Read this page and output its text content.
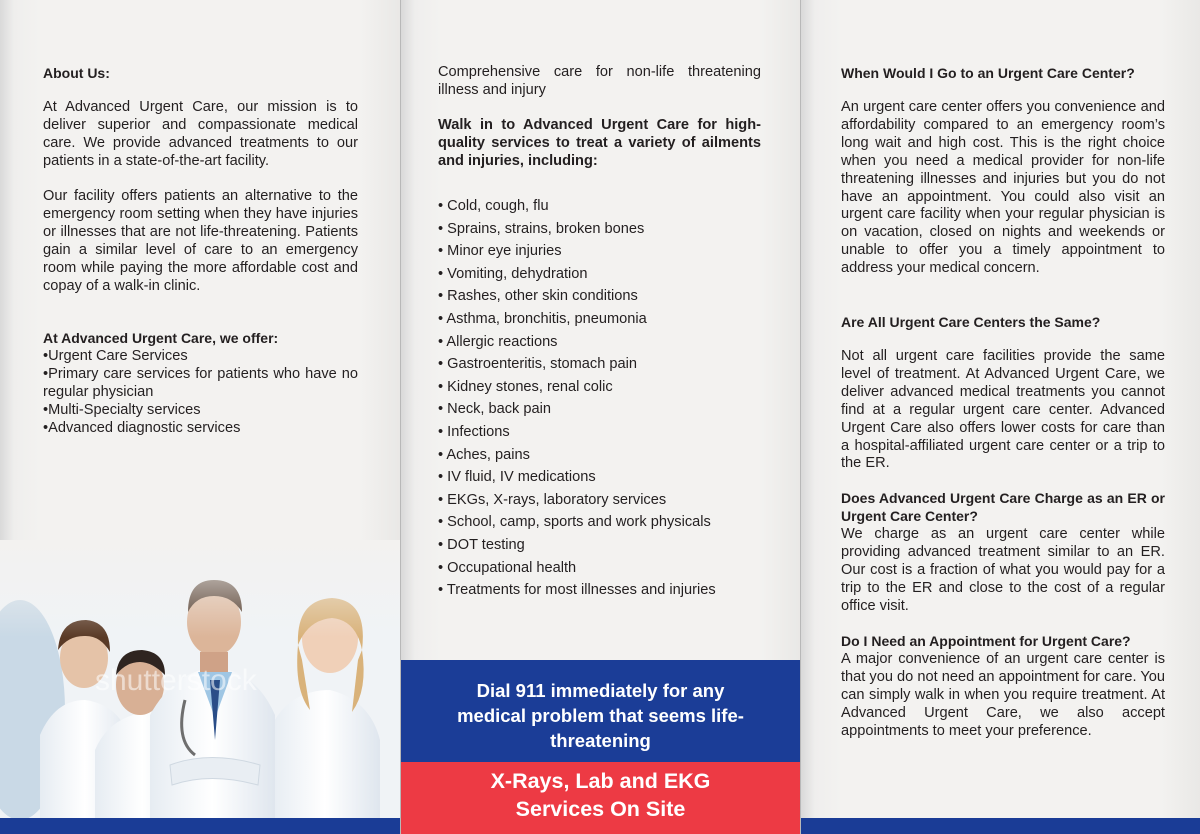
About Us:
At Advanced Urgent Care, our mission is to deliver superior and compassionate medical care. We provide advanced treatments to our patients in a state-of-the-art facility.
Our facility offers patients an alternative to the emergency room setting when they have injuries or illnesses that are not life-threatening. Patients gain a similar level of care to an emergency room while paying the more affordable cost and copay of a walk-in clinic.
At Advanced Urgent Care, we offer:
• Urgent Care Services
• Primary care services for patients who have no regular physician
• Multi-Specialty services
• Advanced diagnostic services
shutterstock
Comprehensive care for non-life threatening illness and injury
Walk in to Advanced Urgent Care for high-quality services to treat a variety of ailments and injuries, including:
• Cold, cough, flu
• Sprains, strains, broken bones
• Minor eye injuries
• Vomiting, dehydration
• Rashes, other skin conditions
• Asthma, bronchitis, pneumonia
• Allergic reactions
• Gastroenteritis, stomach pain
• Kidney stones, renal colic
• Neck, back pain
• Infections
• Aches, pains
• IV fluid, IV medications
• EKGs, X-rays, laboratory services
• School, camp, sports and work physicals
• DOT testing
• Occupational health
• Treatments for most illnesses and injuries
Dial 911 immediately for any medical problem that seems life-threatening
X-Rays, Lab and EKG Services On Site
When Would I Go to an Urgent Care Center?
An urgent care center offers you convenience and affordability compared to an emergency room’s long wait and high cost. This is the right choice when you need a medical provider for non-life threatening illnesses and injuries but you do not have an appointment. You could also visit an urgent care facility when your regular physician is on vacation, closed on nights and weekends or unable to offer you a timely appointment to address your medical concern.
Are All Urgent Care Centers the Same?
Not all urgent care facilities provide the same level of treatment. At Advanced Urgent Care, we deliver advanced medical treatments you cannot find at a regular urgent care center. Advanced Urgent Care also offers lower costs for care than a hospital-affiliated urgent care center or a trip to the ER.
Does Advanced Urgent Care Charge as an ER or Urgent Care Center?
We charge as an urgent care center while providing advanced treatment similar to an ER. Our cost is a fraction of what you would pay for a trip to the ER and close to the cost of a regular office visit.
Do I Need an Appointment for Urgent Care?
A major convenience of an urgent care center is that you do not need an appointment for care. You can simply walk in when you require treatment. At Advanced Urgent Care, we also accept appointments to meet your preference.
